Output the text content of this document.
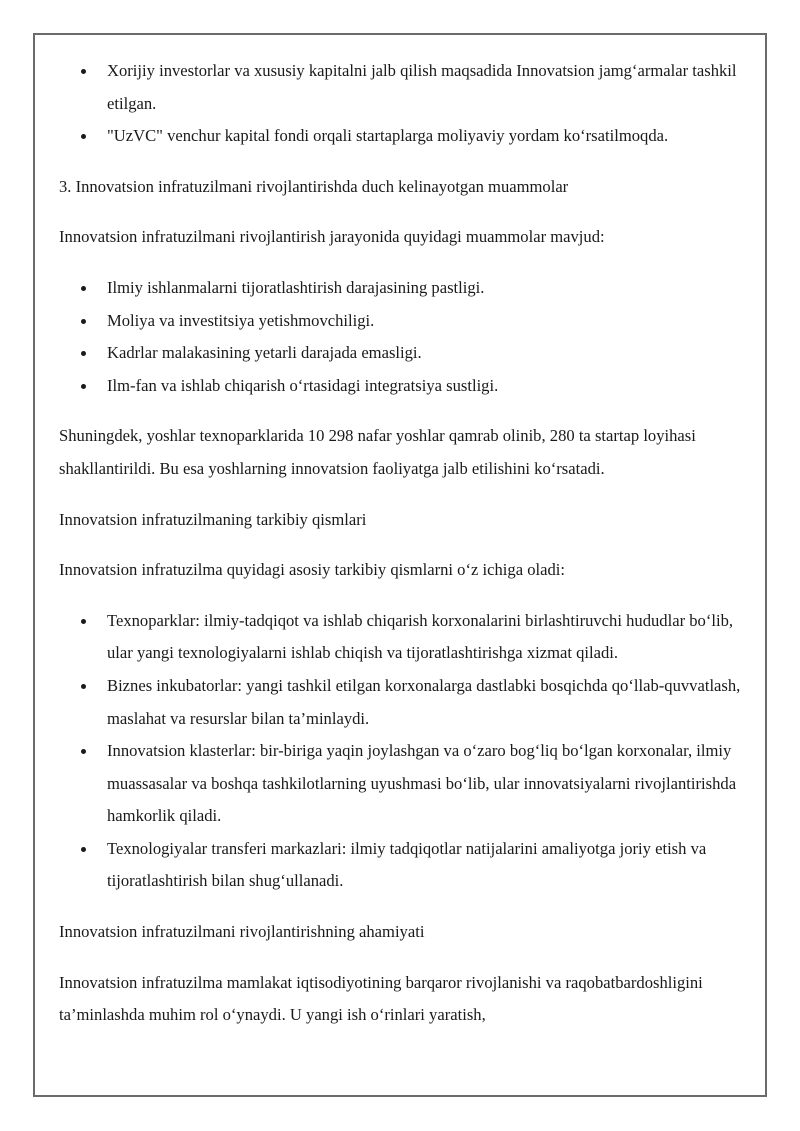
Xorijiy investorlar va xususiy kapitalni jalb qilish maqsadida Innovatsion jamg‘armalar tashkil etilgan.
"UzVC" venchur kapital fondi orqali startaplarga moliyaviy yordam ko‘rsatilmoqda.

3. Innovatsion infratuzilmani rivojlantirishda duch kelinayotgan muammolar

Innovatsion infratuzilmani rivojlantirish jarayonida quyidagi muammolar mavjud:

Ilmiy ishlanmalarni tijoratlashtirish darajasining pastligi.
Moliya va investitsiya yetishmovchiligi.
Kadrlar malakasining yetarli darajada emasligi.
Ilm-fan va ishlab chiqarish o‘rtasidagi integratsiya sustligi.

Shuningdek, yoshlar texnoparklarida 10 298 nafar yoshlar qamrab olinib, 280 ta startap loyihasi shakllantirildi. Bu esa yoshlarning innovatsion faoliyatga jalb etilishini ko‘rsatadi.

Innovatsion infratuzilmaning tarkibiy qismlari

Innovatsion infratuzilma quyidagi asosiy tarkibiy qismlarni o‘z ichiga oladi:

Texnoparklar: ilmiy-tadqiqot va ishlab chiqarish korxonalarini birlashtiruvchi hududlar bo‘lib, ular yangi texnologiyalarni ishlab chiqish va tijoratlashtirishga xizmat qiladi.
Biznes inkubatorlar: yangi tashkil etilgan korxonalarga dastlabki bosqichda qo‘llab-quvvatlash, maslahat va resurslar bilan ta’minlaydi.
Innovatsion klasterlar: bir-biriga yaqin joylashgan va o‘zaro bog‘liq bo‘lgan korxonalar, ilmiy muassasalar va boshqa tashkilotlarning uyushmasi bo‘lib, ular innovatsiyalarni rivojlantirishda hamkorlik qiladi.
Texnologiyalar transferi markazlari: ilmiy tadqiqotlar natijalarini amaliyotga joriy etish va tijoratlashtirish bilan shug‘ullanadi.

Innovatsion infratuzilmani rivojlantirishning ahamiyati

Innovatsion infratuzilma mamlakat iqtisodiyotining barqaror rivojlanishi va raqobatbardoshligini ta’minlashda muhim rol o‘ynaydi. U yangi ish o‘rinlari yaratish,
